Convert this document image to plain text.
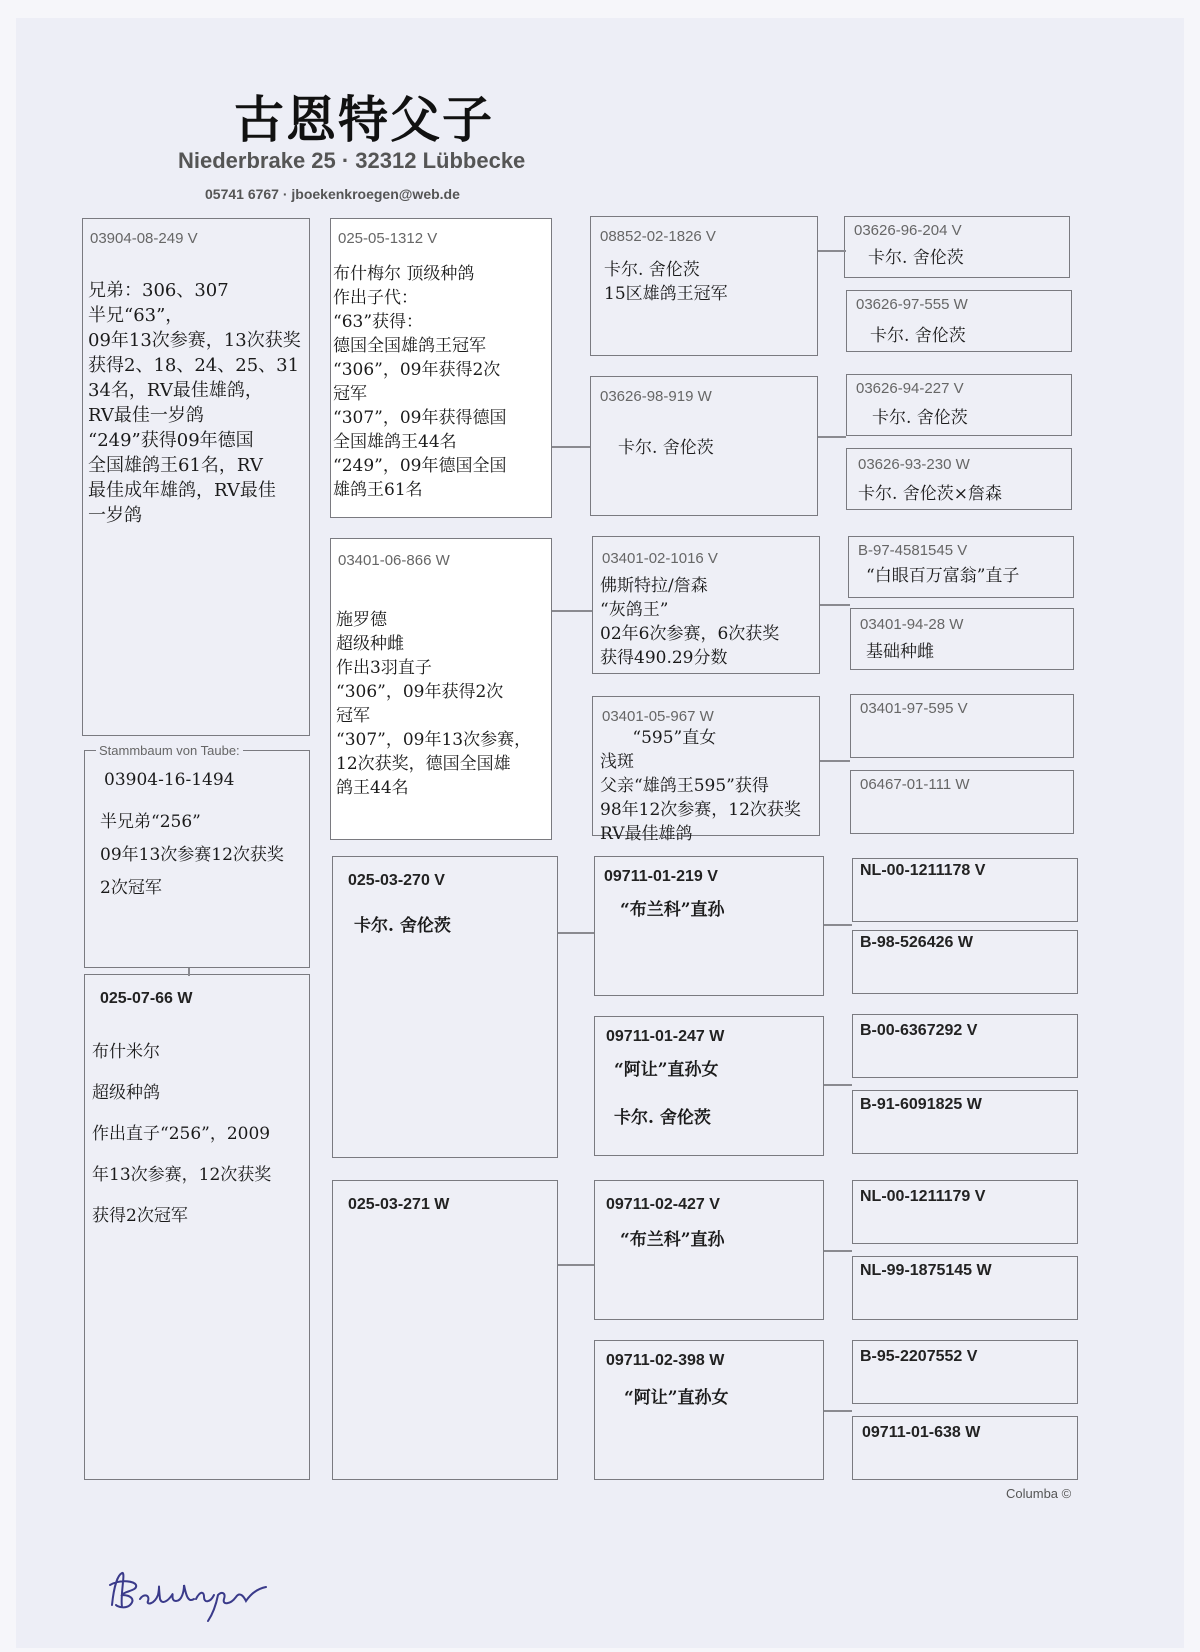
古恩特父子
Niederbrake 25 · 32312 Lübbecke
05741 6767 · jboekenkroegen@web.de
03904-08-249 V
兄弟：306、307
半兄“63”，
09年13次参赛，13次获奖
获得2、18、24、25、31
34名，RV最佳雄鸽，
RV最佳一岁鸽
“249”获得09年德国
全国雄鸽王61名，RV
最佳成年雄鸽，RV最佳
一岁鸽
Stammbaum von Taube:
03904-16-1494
半兄弟“256”
09年13次参赛12次获奖
2次冠军
025-07-66 W
布什米尔
超级种鸽
作出直子“256”，2009
年13次参赛，12次获奖
获得2次冠军
025-05-1312 V
布什梅尔 顶级种鸽
作出子代：
“63”获得：
德国全国雄鸽王冠军
“306”，09年获得2次
冠军
“307”，09年获得德国
全国雄鸽王44名
“249”，09年德国全国
雄鸽王61名
03401-06-866 W
施罗德
超级种雌
作出3羽直子
“306”，09年获得2次
冠军
“307”，09年13次参赛，
12次获奖，德国全国雄
鸽王44名
025-03-270 V
卡尔. 舍伦茨
025-03-271 W
08852-02-1826 V
卡尔. 舍伦茨
15区雄鸽王冠军
03626-98-919 W
卡尔. 舍伦茨
03401-02-1016 V
佛斯特拉/詹森
“灰鸽王”
02年6次参赛，6次获奖
获得490.29分数
03401-05-967 W
“595”直女
浅斑
父亲“雄鸽王595”获得
98年12次参赛，12次获奖
RV最佳雄鸽
09711-01-219 V
“布兰科”直孙
09711-01-247 W
“阿让”直孙女

卡尔. 舍伦茨
09711-02-427 V
“布兰科”直孙
09711-02-398 W
“阿让”直孙女
03626-96-204 V
卡尔. 舍伦茨
03626-97-555 W
卡尔. 舍伦茨
03626-94-227 V
卡尔. 舍伦茨
03626-93-230 W
卡尔. 舍伦茨×詹森
B-97-4581545 V
“白眼百万富翁”直子
03401-94-28 W
基础种雌
03401-97-595 V
06467-01-111 W
NL-00-1211178 V
B-98-526426 W
B-00-6367292 V
B-91-6091825 W
NL-00-1211179 V
NL-99-1875145 W
B-95-2207552 V
09711-01-638 W
Columba ©
